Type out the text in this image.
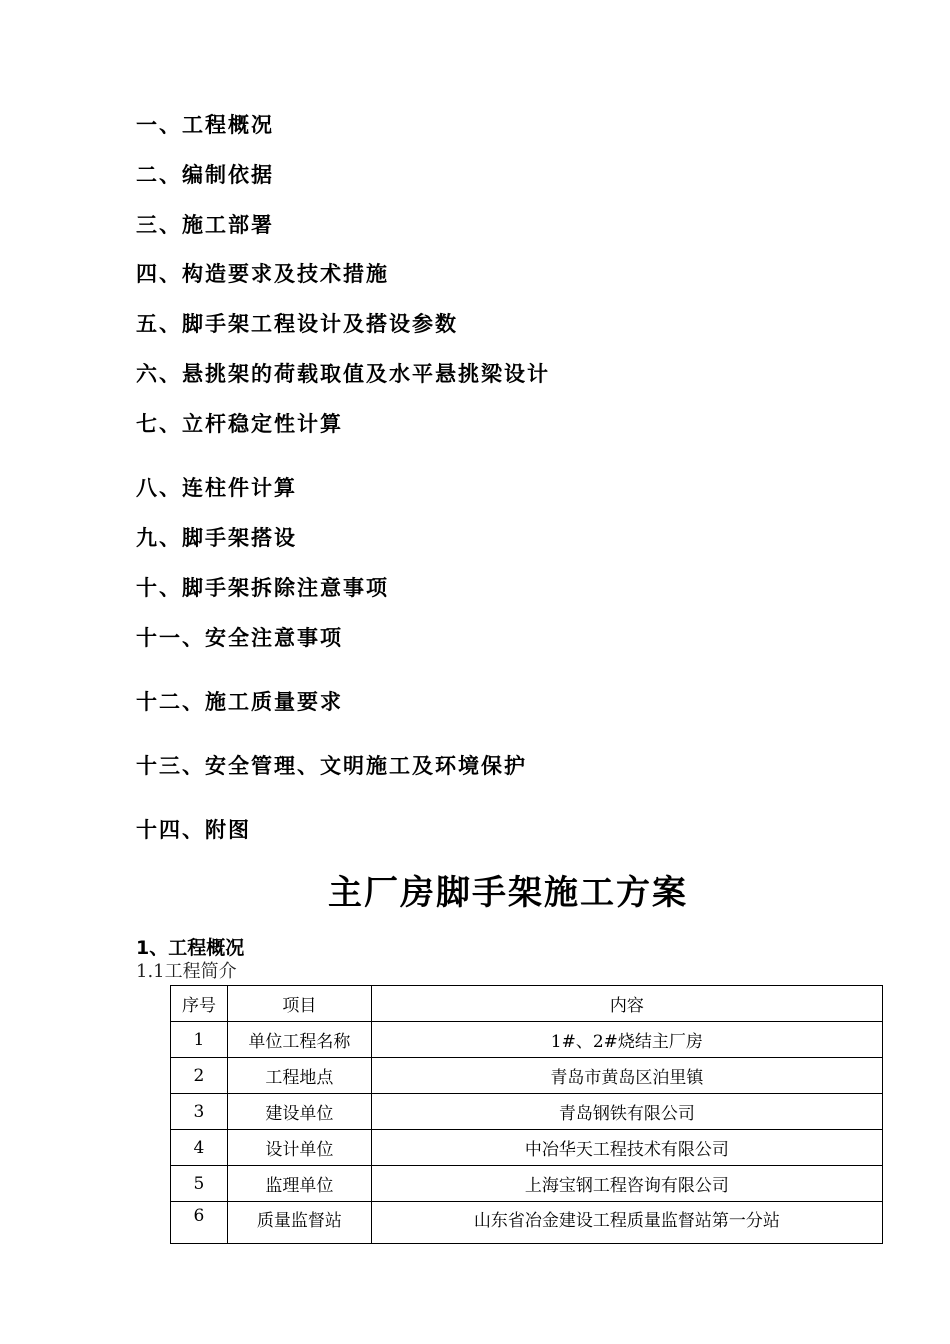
一、工程概况
二、编制依据
三、施工部署
四、构造要求及技术措施
五、脚手架工程设计及搭设参数
六、悬挑架的荷载取值及水平悬挑梁设计
七、立杆稳定性计算
八、连柱件计算
九、脚手架搭设
十、脚手架拆除注意事项
十一、安全注意事项
十二、施工质量要求
十三、安全管理、文明施工及环境保护
十四、附图
主厂房脚手架施工方案
1、工程概况
1.1工程简介
序号	项目	内容
1	单位工程名称	1#、2#烧结主厂房
2	工程地点	青岛市黄岛区泊里镇
3	建设单位	青岛钢铁有限公司
4	设计单位	中冶华天工程技术有限公司
5	监理单位	上海宝钢工程咨询有限公司
6	质量监督站	山东省冶金建设工程质量监督站第一分站
